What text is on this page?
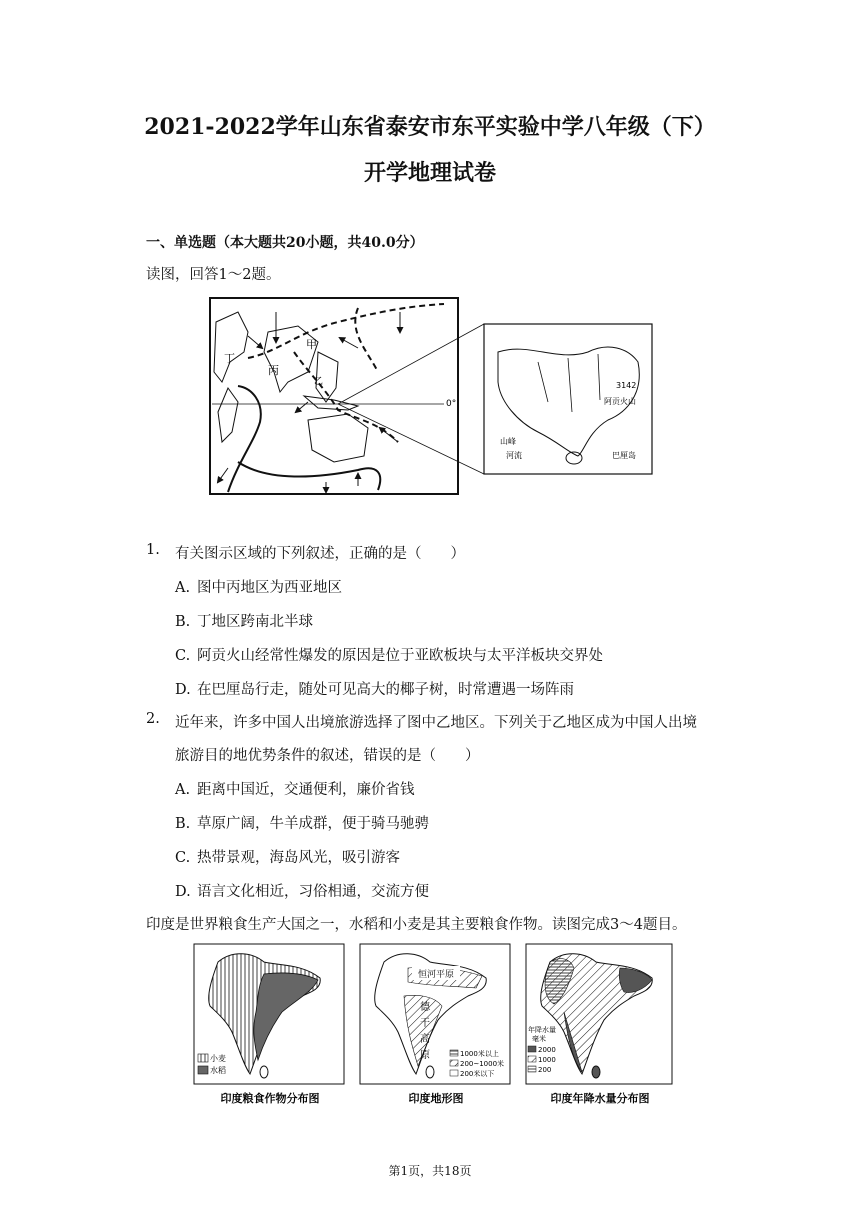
2021-2022学年山东省泰安市东平实验中学八年级（下）
开学地理试卷
一、单选题（本大题共20小题，共40.0分）
读图，回答1～2题。
甲
乙
丙
丁
0°
3142
阿贡火山
山峰
河流	巴厘岛
1. 有关图示区域的下列叙述，正确的是（　　）
A. 图中丙地区为西亚地区
B. 丁地区跨南北半球
C. 阿贡火山经常性爆发的原因是位于亚欧板块与太平洋板块交界处
D. 在巴厘岛行走，随处可见高大的椰子树，时常遭遇一场阵雨
2. 近年来，许多中国人出境旅游选择了图中乙地区。下列关于乙地区成为中国人出境
旅游目的地优势条件的叙述，错误的是（　　）
A. 距离中国近，交通便利，廉价省钱
B. 草原广阔，牛羊成群，便于骑马驰骋
C. 热带景观，海岛风光，吸引游客
D. 语言文化相近，习俗相通，交流方便
印度是世界粮食生产大国之一，水稻和小麦是其主要粮食作物。读图完成3～4题目。
小麦
水稻
印度粮食作物分布图
恒河平原
德
干
高
原	1000米以上
200~1000米
200米以下
印度地形图
年降水量
毫米
2000
1000
200
印度年降水量分布图
第1页，共18页
